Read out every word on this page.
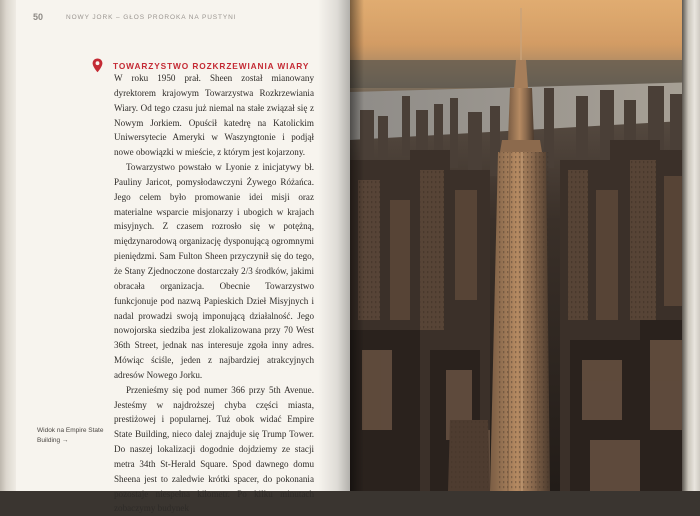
50	NOWY JORK – GŁOS PROROKA NA PUSTYNI
TOWARZYSTWO ROZKRZEWIANIA WIARY

W roku 1950 prał. Sheen został mianowany dyrektorem krajowym Towarzystwa Rozkrzewiania Wiary. Od tego czasu już niemal na stałe związał się z Nowym Jorkiem. Opuścił katedrę na Katolickim Uniwersytecie Ameryki w Waszyngtonie i podjął nowe obowiązki w mieście, z którym jest kojarzony.

Towarzystwo powstało w Lyonie z inicjatywy bł. Pauliny Jaricot, pomysłodawczyni Żywego Różańca. Jego celem było promowanie idei misji oraz materialne wsparcie misjonarzy i ubogich w krajach misyjnych. Z czasem rozrosło się w potężną, międzynarodową organizację dysponującą ogromnymi pieniędzmi. Sam Fulton Sheen przyczynił się do tego, że Stany Zjednoczone dostarczały 2/3 środków, jakimi obracała organizacja. Obecnie Towarzystwo funkcjonuje pod nazwą Papieskich Dzieł Misyjnych i nadal prowadzi swoją imponującą działalność. Jego nowojorska siedziba jest zlokalizowana przy 70 West 36th Street, jednak nas interesuje zgoła inny adres. Mówiąc ściśle, jeden z najbardziej atrakcyjnych adresów Nowego Jorku.

Przenieśmy się pod numer 366 przy 5th Avenue. Jesteśmy w najdroższej chyba części miasta, prestiżowej i popularnej. Tuż obok widać Empire State Building, nieco dalej znajduje się Trump Tower. Do naszej lokalizacji dogodnie dojdziemy ze stacji metra 34th St-Herald Square. Spod dawnego domu Sheena jest to zaledwie krótki spacer, do pokonania pozostaje niespełna kilometr. Po kilku minutach zobaczymy budynek

Widok na Empire State Building →
